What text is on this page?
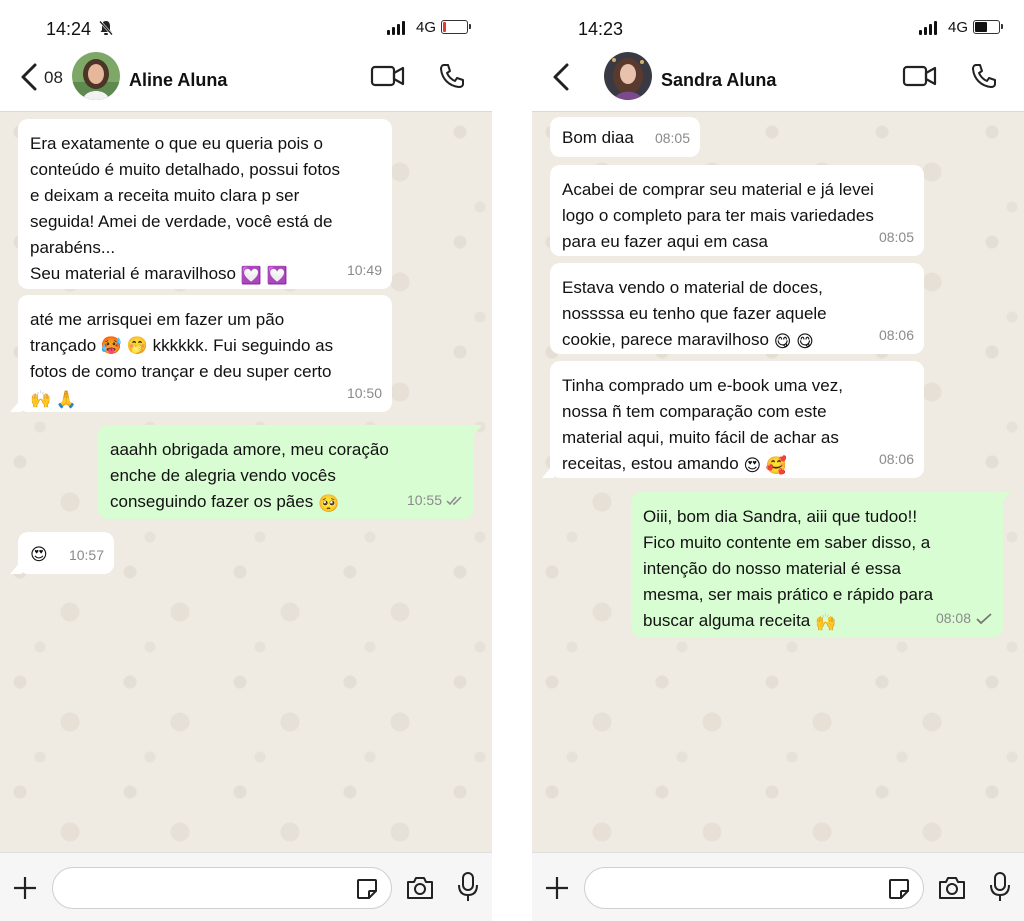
14:24	4G
08	Aline Aluna
Era exatamente o que eu queria pois o
conteúdo é muito detalhado, possui fotos
e deixam a receita muito clara p ser
seguida! Amei de verdade, você está de
parabéns...
Seu material é maravilhoso 💟 💟	10:49
até me arrisquei em fazer um pão
trançado 🥵 🤭 kkkkkk. Fui seguindo as
fotos de como trançar e deu super certo
🙌 🙏	10:50
aaahh obrigada amore, meu coração
enche de alegria vendo vocês
conseguindo fazer os pães 🥺	10:55
😍	10:57
14:23	4G
Sandra Aluna
Bom diaa	08:05
Acabei de comprar seu material e já levei
logo o completo para ter mais variedades
para eu fazer aqui em casa	08:05
Estava vendo o material de doces,
nossssa eu tenho que fazer aquele
cookie, parece maravilhoso 😋 😋	08:06
Tinha comprado um e-book uma vez,
nossa ñ tem comparação com este
material aqui, muito fácil de achar as
receitas, estou amando 😍 🥰	08:06
Oiii, bom dia Sandra, aiii que tudoo!!
Fico muito contente em saber disso, a
intenção do nosso material é essa
mesma, ser mais prático e rápido para
buscar alguma receita 🙌	08:08
